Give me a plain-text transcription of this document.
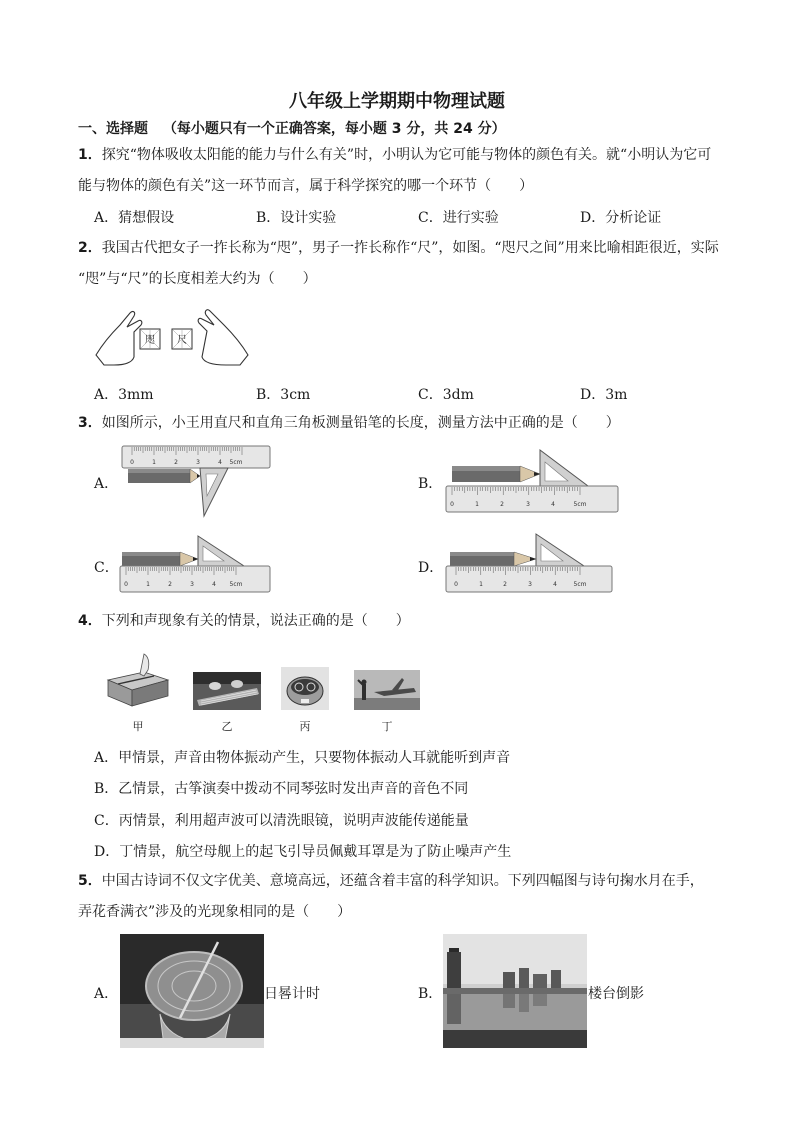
八年级上学期期中物理试题
一、选择题 （每小题只有一个正确答案，每小题 3 分，共 24 分）
1．探究“物体吸收太阳能的能力与什么有关”时，小明认为它可能与物体的颜色有关。就“小明认为它可
能与物体的颜色有关”这一环节而言，属于科学探究的哪一个环节（　　）
A．猜想假设	B．设计实验	C．进行实验	D．分析论证
2．我国古代把女子一拃长称为“咫”，男子一拃长称作“尺”，如图。“咫尺之间”用来比喻相距很近，实际
“咫”与“尺”的长度相差大约为（　　）
咫 尺
A．3mm	B．3cm	C．3dm	D．3m
3．如图所示，小王用直尺和直角三角板测量铅笔的长度，测量方法中正确的是（　　）
A．	B．
C．	D．
0	1	2	3	4 5cm
0	1	2	3	4	5cm
0	1	2	3	4 5cm	0	1	2	3	4	5cm
4．下列和声现象有关的情景，说法正确的是（　　）
甲	乙	丙	丁
A．甲情景，声音由物体振动产生，只要物体振动人耳就能听到声音
B．乙情景，古筝演奏中拨动不同琴弦时发出声音的音色不同
C．丙情景，利用超声波可以清洗眼镜，说明声波能传递能量
D．丁情景，航空母舰上的起飞引导员佩戴耳罩是为了防止噪声产生
5．中国古诗词不仅文字优美、意境高远，还蕴含着丰富的科学知识。下列四幅图与诗句掬水月在手，
弄花香满衣”涉及的光现象相同的是（　　）
A．	日晷计时	B．	楼台倒影
